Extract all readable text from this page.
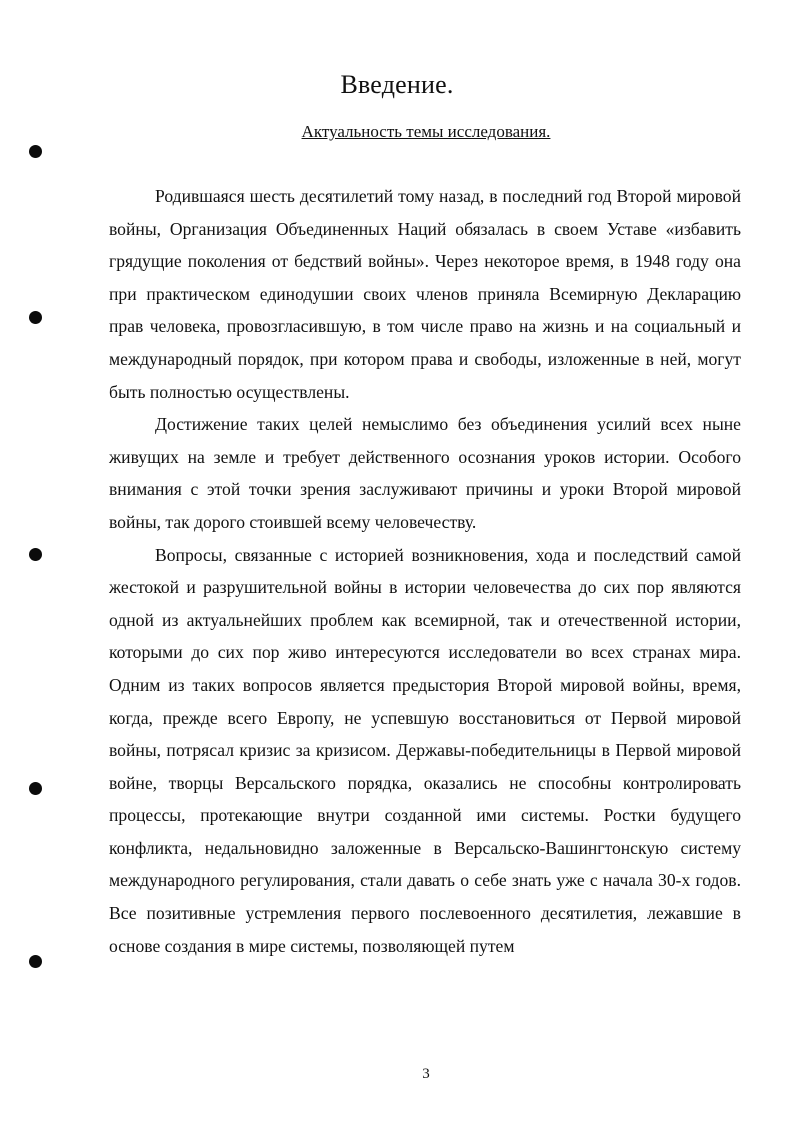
Введение.
Актуальность темы исследования.

Родившаяся шесть десятилетий тому назад, в последний год Второй мировой войны, Организация Объединенных Наций обязалась в своем Уставе «избавить грядущие поколения от бедствий войны». Через некоторое время, в 1948 году она при практическом единодушии своих членов приняла Всемирную Декларацию прав человека, провозгласившую, в том числе право на жизнь и на социальный и международный порядок, при котором права и свободы, изложенные в ней, могут быть полностью осуществлены.

Достижение таких целей немыслимо без объединения усилий всех ныне живущих на земле и требует действенного осознания уроков истории. Особого внимания с этой точки зрения заслуживают причины и уроки Второй мировой войны, так дорого стоившей всему человечеству.

Вопросы, связанные с историей возникновения, хода и последствий самой жестокой и разрушительной войны в истории человечества до сих пор являются одной из актуальнейших проблем как всемирной, так и отечественной истории, которыми до сих пор живо интересуются исследователи во всех странах мира. Одним из таких вопросов является предыстория Второй мировой войны, время, когда, прежде всего Европу, не успевшую восстановиться от Первой мировой войны, потрясал кризис за кризисом. Державы-победительницы в Первой мировой войне, творцы Версальского порядка, оказались не способны контролировать процессы, протекающие внутри созданной ими системы. Ростки будущего конфликта, недальновидно заложенные в Версальско-Вашингтонскую систему международного регулирования, стали давать о себе знать уже с начала 30-х годов. Все позитивные устремления первого послевоенного десятилетия, лежавшие в основе создания в мире системы, позволяющей путем

3
